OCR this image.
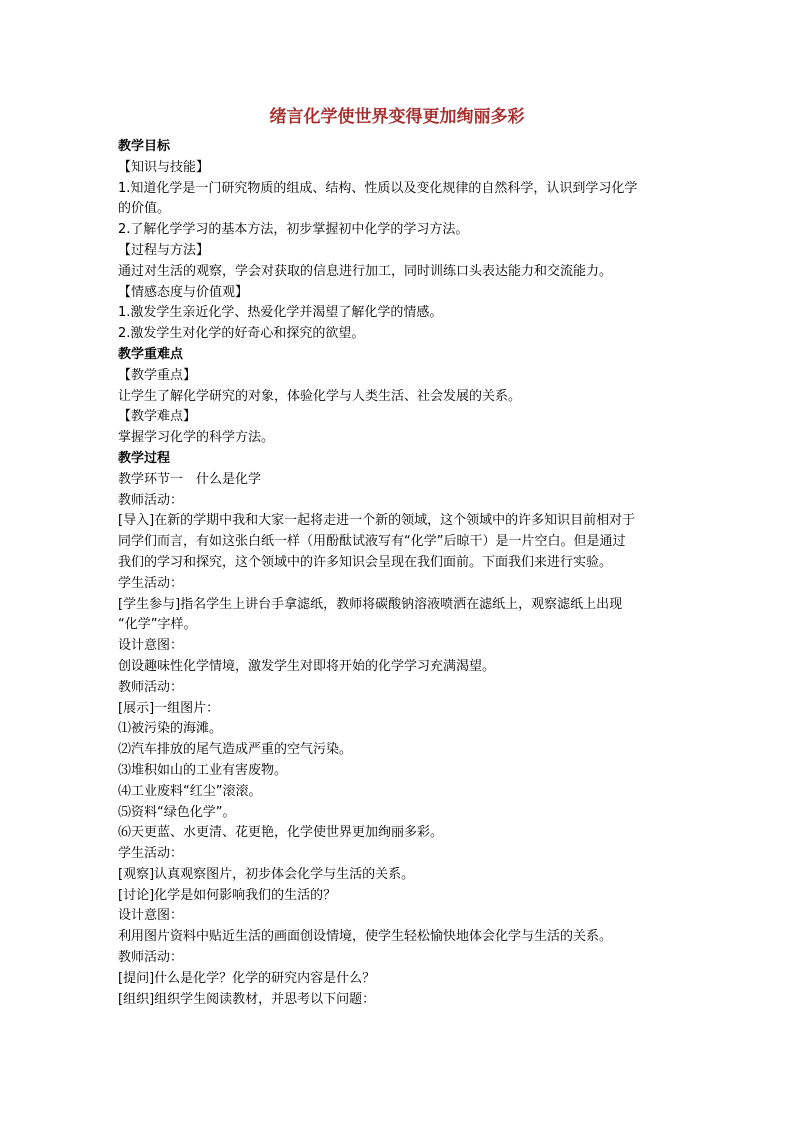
绪言化学使世界变得更加绚丽多彩
教学目标
【知识与技能】
1.知道化学是一门研究物质的组成、结构、性质以及变化规律的自然科学，认识到学习化学
的价值。
2.了解化学学习的基本方法，初步掌握初中化学的学习方法。
【过程与方法】
通过对生活的观察，学会对获取的信息进行加工，同时训练口头表达能力和交流能力。
【情感态度与价值观】
1.激发学生亲近化学、热爱化学并渴望了解化学的情感。
2.激发学生对化学的好奇心和探究的欲望。
教学重难点
【教学重点】
让学生了解化学研究的对象，体验化学与人类生活、社会发展的关系。
【教学难点】
掌握学习化学的科学方法。
教学过程
教学环节一　什么是化学
教师活动：
[导入]在新的学期中我和大家一起将走进一个新的领域，这个领域中的许多知识目前相对于
同学们而言，有如这张白纸一样（用酚酞试液写有“化学”后晾干）是一片空白。但是通过
我们的学习和探究，这个领域中的许多知识会呈现在我们面前。下面我们来进行实验。
学生活动：
[学生参与]指名学生上讲台手拿滤纸，教师将碳酸钠溶液喷洒在滤纸上，观察滤纸上出现
“化学”字样。
设计意图：
创设趣味性化学情境，激发学生对即将开始的化学学习充满渴望。
教师活动：
[展示]一组图片：
⑴被污染的海滩。
⑵汽车排放的尾气造成严重的空气污染。
⑶堆积如山的工业有害废物。
⑷工业废料“红尘”滚滚。
⑸资料“绿色化学”。
⑹天更蓝、水更清、花更艳，化学使世界更加绚丽多彩。
学生活动：
[观察]认真观察图片，初步体会化学与生活的关系。
[讨论]化学是如何影响我们的生活的？
设计意图：
利用图片资料中贴近生活的画面创设情境，使学生轻松愉快地体会化学与生活的关系。
教师活动：
[提问]什么是化学？化学的研究内容是什么？
[组织]组织学生阅读教材，并思考以下问题：
